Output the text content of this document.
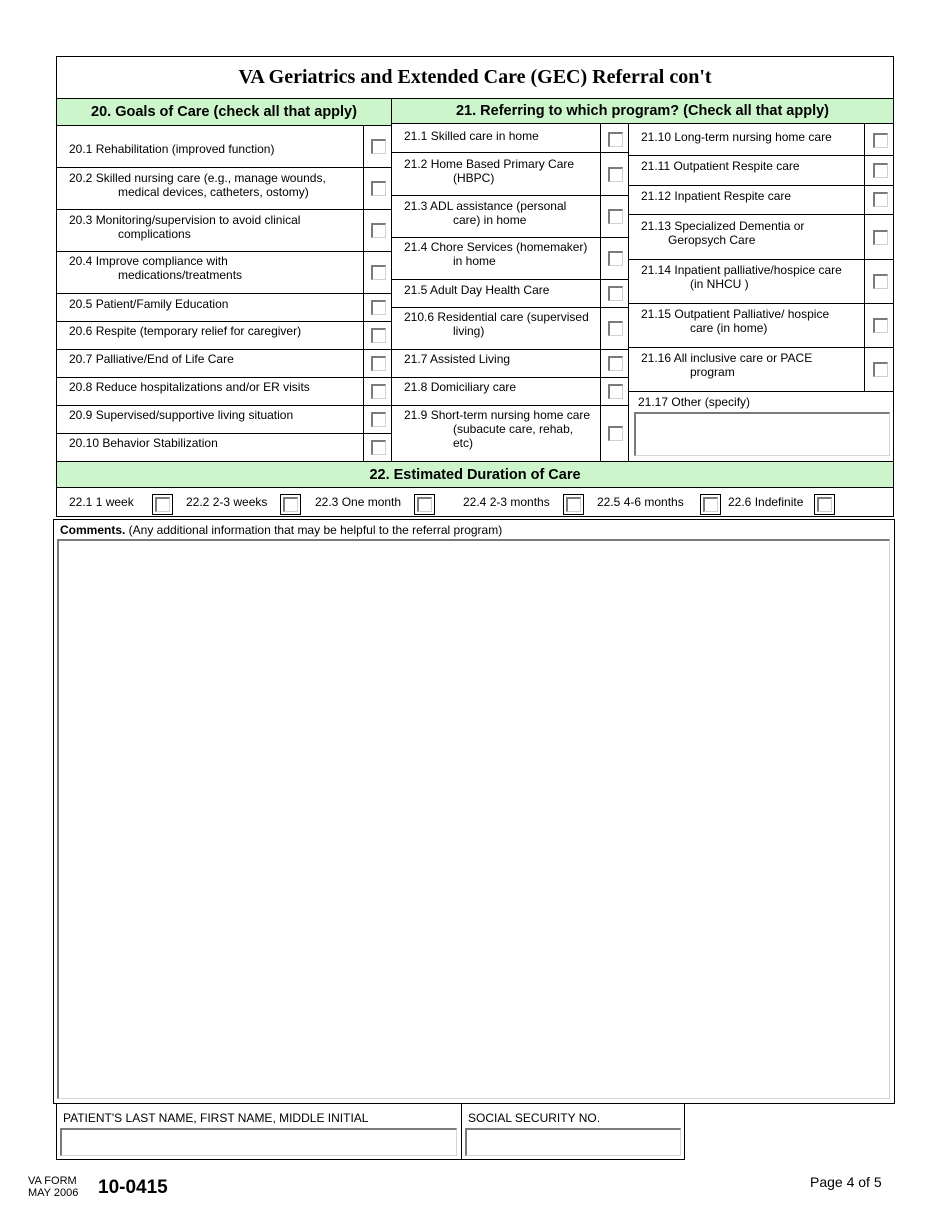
VA Geriatrics and Extended Care (GEC) Referral con't
20. Goals of Care (check all that apply)	21. Referring to which program? (Check all that apply)
20.1 Rehabilitation (improved function)
20.2 Skilled nursing care (e.g., manage wounds,
medical devices, catheters, ostomy)
20.3 Monitoring/supervision to avoid clinical
complications
20.4 Improve compliance with
medications/treatments
20.5 Patient/Family Education
20.6 Respite (temporary relief for caregiver)
20.7 Palliative/End of Life Care
20.8 Reduce hospitalizations and/or ER visits
20.9 Supervised/supportive living situation
20.10 Behavior Stabilization
21.1 Skilled care in home
21.2 Home Based Primary Care
(HBPC)
21.3 ADL assistance (personal
care) in home
21.4 Chore Services (homemaker)
in home
21.5 Adult Day Health Care
210.6 Residential care (supervised
living)
21.7 Assisted Living
21.8 Domiciliary care
21.9 Short-term nursing home care
(subacute care, rehab,
etc)
21.10 Long-term nursing home care
21.11 Outpatient Respite care
21.12 Inpatient Respite care
21.13 Specialized Dementia or
Geropsych Care
21.14 Inpatient palliative/hospice care
(in NHCU )
21.15 Outpatient Palliative/ hospice
care (in home)
21.16 All inclusive care or PACE
program
21.17 Other (specify)
22. Estimated Duration of Care
22.1 1 week	22.2 2-3 weeks	22.3 One month	22.4 2-3 months	22.5 4-6 months	22.6 Indefinite
Comments. (Any additional information that may be helpful to the referral program)
PATIENT'S LAST NAME, FIRST NAME, MIDDLE INITIAL	SOCIAL SECURITY NO.
VA FORM
MAY 2006 10-0415	Page 4 of 5
